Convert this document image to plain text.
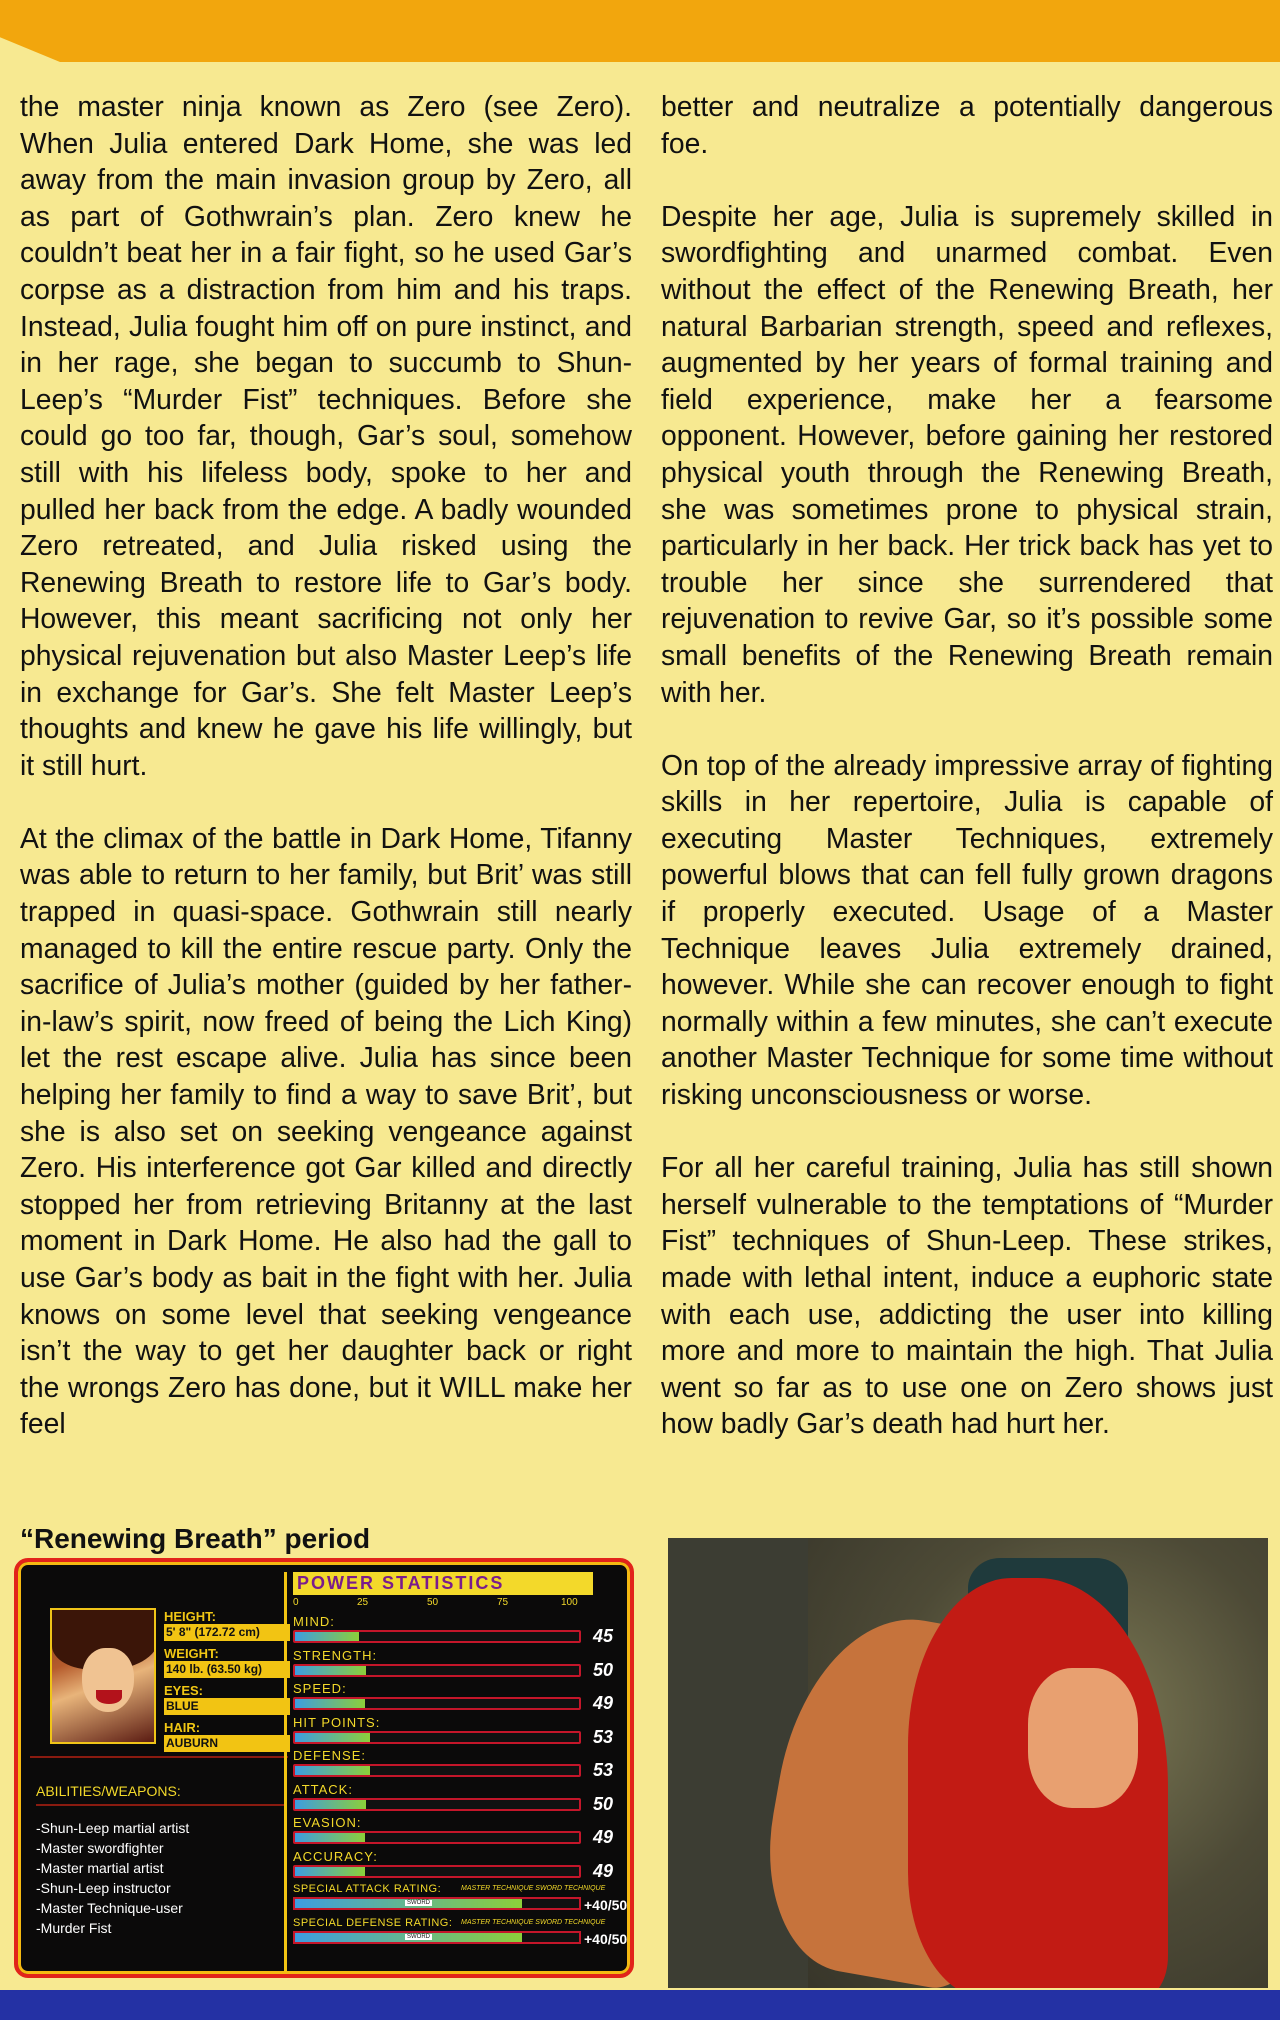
the master ninja known as Zero (see Zero). When Julia entered Dark Home, she was led away from the main invasion group by Zero, all as part of Gothwrain’s plan. Zero knew he couldn’t beat her in a fair fight, so he used Gar’s corpse as a distraction from him and his traps. Instead, Julia fought him off on pure instinct, and in her rage, she began to succumb to Shun-Leep’s “Murder Fist” techniques. Before she could go too far, though, Gar’s soul, somehow still with his lifeless body, spoke to her and pulled her back from the edge. A badly wounded Zero retreated, and Julia risked using the Renewing Breath to restore life to Gar’s body. However, this meant sacrificing not only her physical rejuvenation but also Master Leep’s life in exchange for Gar’s. She felt Master Leep’s thoughts and knew he gave his life willingly, but it still hurt.

At the climax of the battle in Dark Home, Tifanny was able to return to her family, but Brit’ was still trapped in quasi-space. Gothwrain still nearly managed to kill the entire rescue party. Only the sacrifice of Julia’s mother (guided by her father-in-law’s spirit, now freed of being the Lich King) let the rest escape alive. Julia has since been helping her family to find a way to save Brit’, but she is also set on seeking vengeance against Zero. His interference got Gar killed and directly stopped her from retrieving Britanny at the last moment in Dark Home. He also had the gall to use Gar’s body as bait in the fight with her. Julia knows on some level that seeking vengeance isn’t the way to get her daughter back or right the wrongs Zero has done, but it WILL make her feel

better and neutralize a potentially dangerous foe.

Despite her age, Julia is supremely skilled in swordfighting and unarmed combat. Even without the effect of the Renewing Breath, her natural Barbarian strength, speed and reflexes, augmented by her years of formal training and field experience, make her a fearsome opponent. However, before gaining her restored physical youth through the Renewing Breath, she was sometimes prone to physical strain, particularly in her back. Her trick back has yet to trouble her since she surrendered that rejuvenation to revive Gar, so it’s possible some small benefits of the Renewing Breath remain with her.

On top of the already impressive array of fighting skills in her repertoire, Julia is capable of executing Master Techniques, extremely powerful blows that can fell fully grown dragons if properly executed. Usage of a Master Technique leaves Julia extremely drained, however. While she can recover enough to fight normally within a few minutes, she can’t execute another Master Technique for some time without risking unconsciousness or worse.

For all her careful training, Julia has still shown herself vulnerable to the temptations of “Murder Fist” techniques of Shun-Leep. These strikes, made with lethal intent, induce a euphoric state with each use, addicting the user into killing more and more to maintain the high. That Julia went so far as to use one on Zero shows just how badly Gar’s death had hurt her.

“Renewing Breath” period
HEIGHT:
5' 8" (172.72 cm)
WEIGHT:
140 lb. (63.50 kg)
EYES:
BLUE
HAIR:
AUBURN
ABILITIES/WEAPONS:
-Shun-Leep martial artist
-Master swordfighter
-Master martial artist
-Shun-Leep instructor
-Master Technique-user
-Murder Fist
POWER STATISTICS
0	25	50	75	100
MIND:
45
STRENGTH:
50
SPEED:
49
HIT POINTS:
53
DEFENSE:
53
ATTACK:
50
EVASION:
49
ACCURACY:
49
SPECIAL ATTACK RATING:	MASTER TECHNIQUE SWORD TECHNIQUE
SWORD	+40/50
SPECIAL DEFENSE RATING:	MASTER TECHNIQUE SWORD TECHNIQUE
SWORD	+40/50
